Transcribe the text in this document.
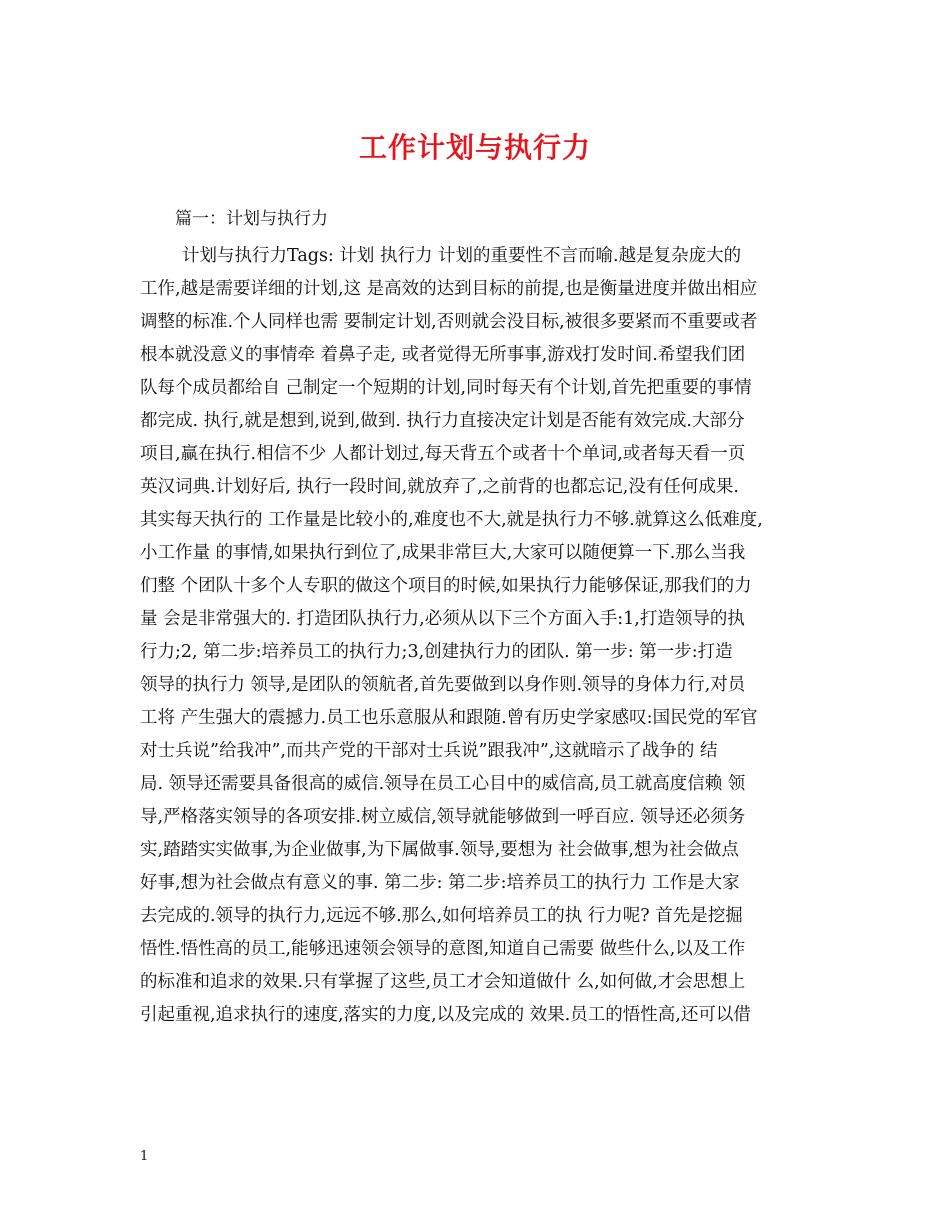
工作计划与执行力
篇一：计划与执行力
计划与执行力Tags: 计划 执行力 计划的重要性不言而喻.越是复杂庞大的
工作,越是需要详细的计划,这 是高效的达到目标的前提,也是衡量进度并做出相应
调整的标准.个人同样也需 要制定计划,否则就会没目标,被很多要紧而不重要或者
根本就没意义的事情牵 着鼻子走, 或者觉得无所事事,游戏打发时间.希望我们团
队每个成员都给自 己制定一个短期的计划,同时每天有个计划,首先把重要的事情
都完成. 执行,就是想到,说到,做到. 执行力直接决定计划是否能有效完成.大部分
项目,赢在执行.相信不少 人都计划过,每天背五个或者十个单词,或者每天看一页
英汉词典.计划好后, 执行一段时间,就放弃了,之前背的也都忘记,没有任何成果.
其实每天执行的 工作量是比较小的,难度也不大,就是执行力不够.就算这么低难度,
小工作量 的事情,如果执行到位了,成果非常巨大,大家可以随便算一下.那么当我
们整 个团队十多个人专职的做这个项目的时候,如果执行力能够保证,那我们的力
量 会是非常强大的. 打造团队执行力,必须从以下三个方面入手:1,打造领导的执
行力;2, 第二步:培养员工的执行力;3,创建执行力的团队. 第一步: 第一步:打造
领导的执行力 领导,是团队的领航者,首先要做到以身作则.领导的身体力行,对员
工将 产生强大的震撼力.员工也乐意服从和跟随.曾有历史学家感叹:国民党的军官
对士兵说”给我冲”,而共产党的干部对士兵说”跟我冲”,这就暗示了战争的 结
局. 领导还需要具备很高的威信.领导在员工心目中的威信高,员工就高度信赖 领
导,严格落实领导的各项安排.树立威信,领导就能够做到一呼百应. 领导还必须务
实,踏踏实实做事,为企业做事,为下属做事.领导,要想为 社会做事,想为社会做点
好事,想为社会做点有意义的事. 第二步: 第二步:培养员工的执行力 工作是大家
去完成的.领导的执行力,远远不够.那么,如何培养员工的执 行力呢? 首先是挖掘
悟性.悟性高的员工,能够迅速领会领导的意图,知道自己需要 做些什么,以及工作
的标准和追求的效果.只有掌握了这些,员工才会知道做什 么,如何做,才会思想上
引起重视,追求执行的速度,落实的力度,以及完成的 效果.员工的悟性高,还可以借
1
